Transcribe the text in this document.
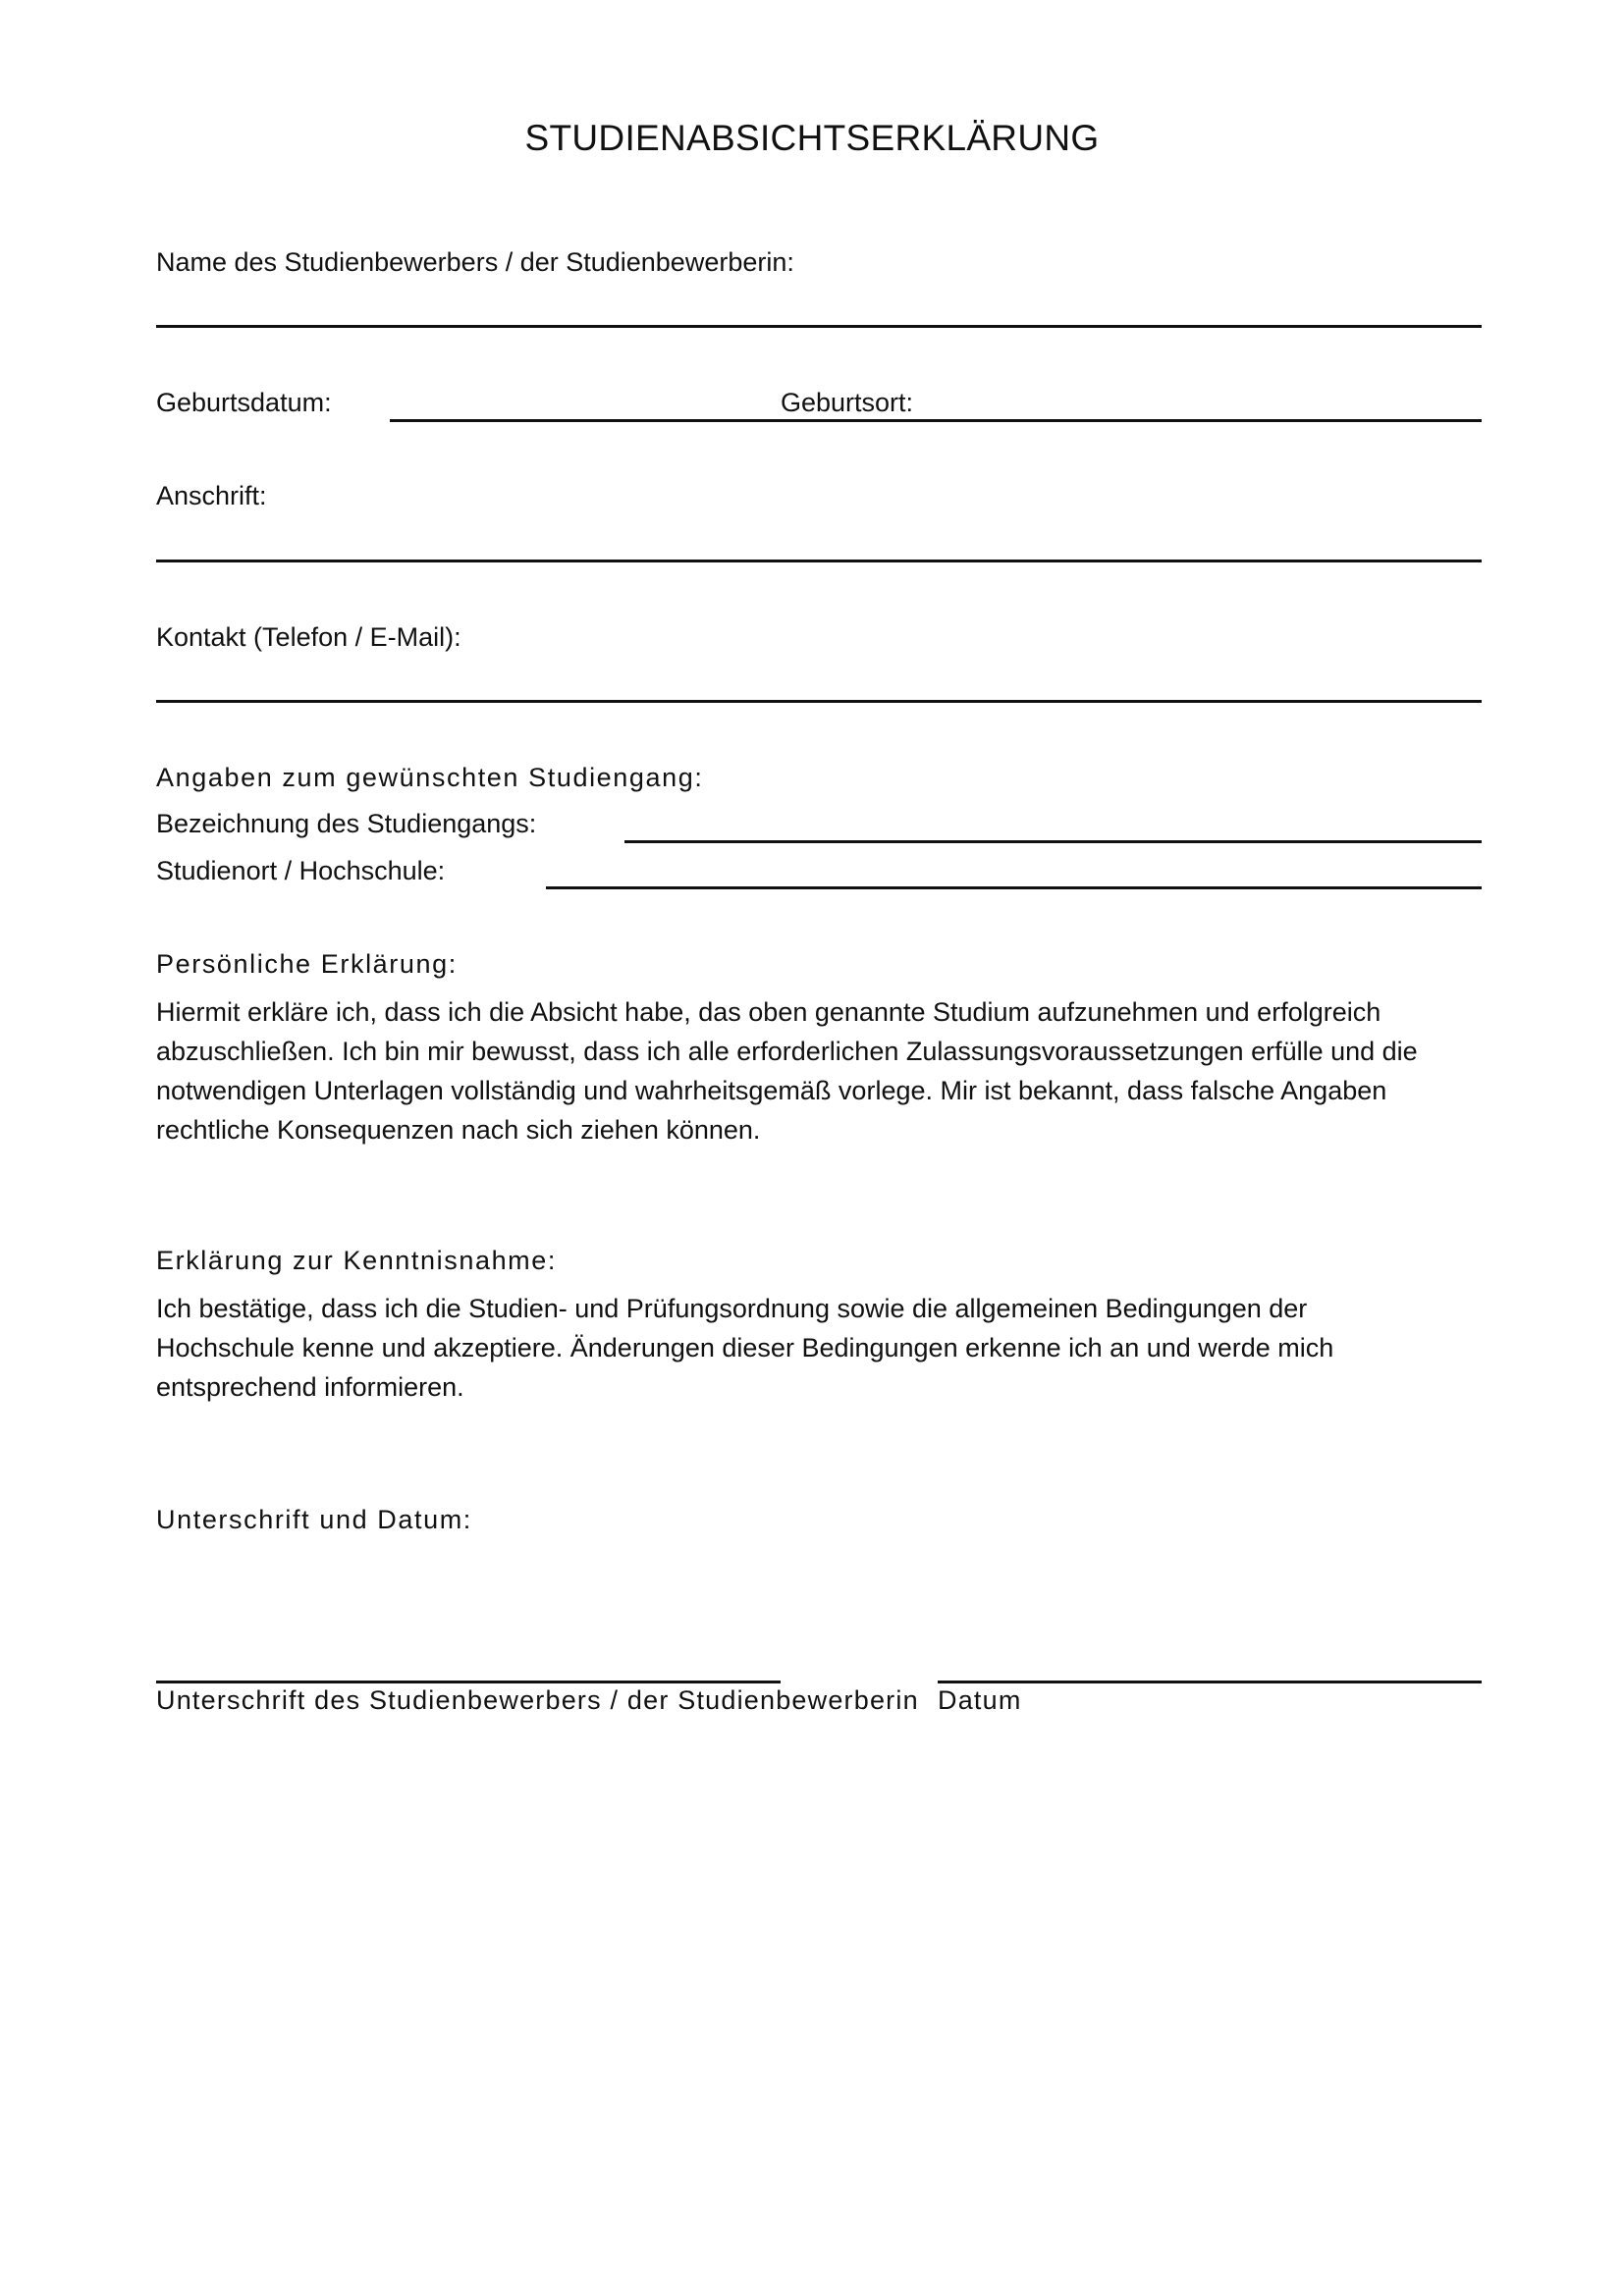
STUDIENABSICHTSERKLÄRUNG
Name des Studienbewerbers / der Studienbewerberin:
Geburtsdatum:	Geburtsort:
Anschrift:
Kontakt (Telefon / E-Mail):
Angaben zum gewünschten Studiengang:
Bezeichnung des Studiengangs:
Studienort / Hochschule:
Persönliche Erklärung:
Hiermit erkläre ich, dass ich die Absicht habe, das oben genannte Studium aufzunehmen und erfolgreich abzuschließen. Ich bin mir bewusst, dass ich alle erforderlichen Zulassungsvoraussetzungen erfülle und die notwendigen Unterlagen vollständig und wahrheitsgemäß vorlege. Mir ist bekannt, dass falsche Angaben rechtliche Konsequenzen nach sich ziehen können.
Erklärung zur Kenntnisnahme:
Ich bestätige, dass ich die Studien- und Prüfungsordnung sowie die allgemeinen Bedingungen der Hochschule kenne und akzeptiere. Änderungen dieser Bedingungen erkenne ich an und werde mich entsprechend informieren.
Unterschrift und Datum:
Unterschrift des Studienbewerbers / der Studienbewerberin Datum
